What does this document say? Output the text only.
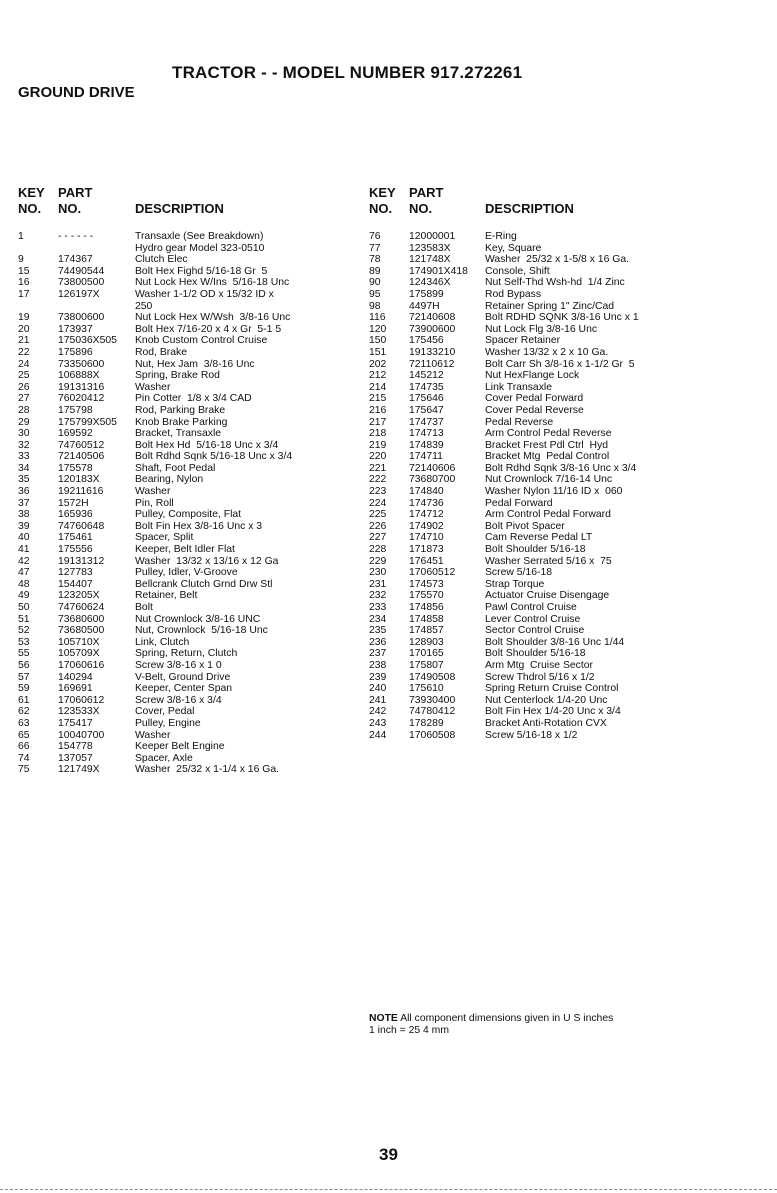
TRACTOR - - MODEL NUMBER 917.272261
GROUND DRIVE
KEY
NO.
PART
NO.	DESCRIPTION
1	- - - - - -	Transaxle (See Breakdown)
Hydro gear Model 323-0510
9	174367	Clutch Elec
15	74490544	Bolt Hex Fighd 5/16-18 Gr  5
16	73800500	Nut Lock Hex W/Ins  5/16-18 Unc
17	126197X	Washer 1-1/2 OD x 15/32 ID x
250
19	73800600	Nut Lock Hex W/Wsh  3/8-16 Unc
20	173937	Bolt Hex 7/16-20 x 4 x Gr  5-1 5
21	175036X505 Knob Custom Control Cruise
22	175896	Rod, Brake
24	73350600	Nut, Hex Jam  3/8-16 Unc
25	106888X	Spring, Brake Rod
26	19131316	Washer
27	76020412	Pin Cotter  1/8 x 3/4 CAD
28	175798	Rod, Parking Brake
29	175799X505 Knob Brake Parking
30	169592	Bracket, Transaxle
32	74760512	Bolt Hex Hd  5/16-18 Unc x 3/4
33	72140506	Bolt Rdhd Sqnk 5/16-18 Unc x 3/4
34	175578	Shaft, Foot Pedal
35	120183X	Bearing, Nylon
36	19211616	Washer
37	1572H	Pin, Roll
38	165936	Pulley, Composite, Flat
39	74760648	Bolt Fin Hex 3/8-16 Unc x 3
40	175461	Spacer, Split
41	175556	Keeper, Belt Idler Flat
42	19131312	Washer  13/32 x 13/16 x 12 Ga
47	127783	Pulley, Idler, V-Groove
48	154407	Bellcrank Clutch Grnd Drw Stl
49	123205X	Retainer, Belt
50	74760624	Bolt
51	73680600	Nut Crownlock 3/8-16 UNC
52	73680500	Nut, Crownlock  5/16-18 Unc
53	105710X	Link, Clutch
55	105709X	Spring, Return, Clutch
56	17060616	Screw 3/8-16 x 1 0
57	140294	V-Belt, Ground Drive
59	169691	Keeper, Center Span
61	17060612	Screw 3/8-16 x 3/4
62	123533X	Cover, Pedal
63	175417	Pulley, Engine
65	10040700	Washer
66	154778	Keeper Belt Engine
74	137057	Spacer, Axle
75	121749X	Washer  25/32 x 1-1/4 x 16 Ga.
KEY
NO.
PART
NO.	DESCRIPTION
76	12000001	E-Ring
77	123583X	Key, Square
78	121748X	Washer  25/32 x 1-5/8 x 16 Ga.
89	174901X418 Console, Shift
90	124346X	Nut Self-Thd Wsh-hd  1/4 Zinc
95	175899	Rod Bypass
98	4497H	Retainer Spring 1" Zinc/Cad
116 72140608	Bolt RDHD SQNK 3/8-16 Unc x 1
120 73900600	Nut Lock Flg 3/8-16 Unc
150 175456	Spacer Retainer
151 19133210	Washer 13/32 x 2 x 10 Ga.
202 72110612	Bolt Carr Sh 3/8-16 x 1-1/2 Gr  5
212 145212	Nut HexFlange Lock
214 174735	Link Transaxle
215 175646	Cover Pedal Forward
216 175647	Cover Pedal Reverse
217 174737	Pedal Reverse
218 174713	Arm Control Pedal Reverse
219 174839	Bracket Frest Pdl Ctrl  Hyd
220 174711	Bracket Mtg  Pedal Control
221 72140606	Bolt Rdhd Sqnk 3/8-16 Unc x 3/4
222 73680700	Nut Crownlock 7/16-14 Unc
223 174840	Washer Nylon 11/16 ID x  060
224 174736	Pedal Forward
225 174712	Arm Control Pedal Forward
226 174902	Bolt Pivot Spacer
227 174710	Cam Reverse Pedal LT
228 171873	Bolt Shoulder 5/16-18
229 176451	Washer Serrated 5/16 x  75
230 17060512	Screw 5/16-18
231 174573	Strap Torque
232 175570	Actuator Cruise Disengage
233 174856	Pawl Control Cruise
234 174858	Lever Control Cruise
235 174857	Sector Control Cruise
236 128903	Bolt Shoulder 3/8-16 Unc 1/44
237 170165	Bolt Shoulder 5/16-18
238 175807	Arm Mtg  Cruise Sector
239 17490508	Screw Thdrol 5/16 x 1/2
240 175610	Spring Return Cruise Control
241 73930400	Nut Centerlock 1/4-20 Unc
242 74780412	Bolt Fin Hex 1/4-20 Unc x 3/4
243 178289	Bracket Anti-Rotation CVX
244 17060508	Screw 5/16-18 x 1/2
NOTE All component dimensions given in U S inches
1 inch = 25 4 mm
39
